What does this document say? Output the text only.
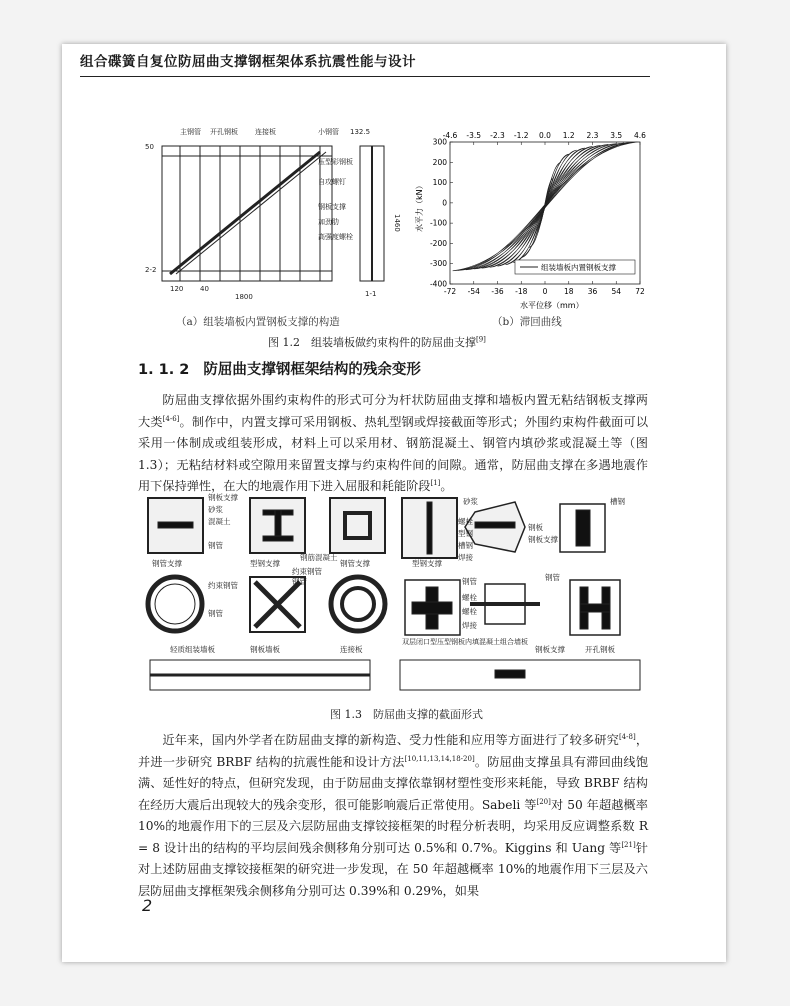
组合碟簧自复位防屈曲支撑钢框架体系抗震性能与设计
主钢管 开孔钢板 连接板	小钢管 132.5
压型彩钢板
自攻螺钉
钢板支撑
加劲肋
高强度螺栓
1460
1800
120 40
50
2-2
1-1
-4.6 -3.5 -2.3 -1.2 0.0 1.2 2.3 3.5 4.6
-72 -54 -36 -18 0 18 36 54 72
300
200
100
0
-100
-200
-300
-400
组装墙板内置钢板支撑
水平力（kN）
水平位移（mm）
（a）组装墙板内置钢板支撑的构造	（b）滞回曲线
图 1.2　组装墙板做约束构件的防屈曲支撑[9]
1. 1. 2 防屈曲支撑钢框架结构的残余变形
防屈曲支撑依据外围约束构件的形式可分为杆状防屈曲支撑和墙板内置无粘结钢板支撑两大类[4-6]。制作中，内置支撑可采用钢板、热轧型钢或焊接截面等形式；外围约束构件截面可以采用一体制成或组装形成，材料上可以采用材、钢筋混凝土、钢管内填砂浆或混凝土等（图 1.3）；无粘结材料或空隙用来留置支撑与约束构件间的间隙。通常，防屈曲支撑在多遇地震作用下保持弹性，在大的地震作用下进入屈服和耗能阶段[1]。
钢板支撑
砂浆
混凝土
钢管
钢管支撑	型钢支撑
钢筋混凝土
钢管支撑
砂浆
螺栓
型钢
槽钢
钢板支撑
焊接
钢板
槽钢
型钢支撑
约束钢管
钢管
约束钢管
钢管	钢管
螺栓
螺栓
钢管
焊接
轻质组装墙板	钢板墙板	连接板
双层闭口型压型钢板内填混凝土组合墙板
钢板支撑	开孔钢板
图 1.3　防屈曲支撑的截面形式
近年来，国内外学者在防屈曲支撑的新构造、受力性能和应用等方面进行了较多研究[4-8]，并进一步研究 BRBF 结构的抗震性能和设计方法[10,11,13,14,18-20]。防屈曲支撑虽具有滞回曲线饱满、延性好的特点，但研究发现，由于防屈曲支撑依靠钢材塑性变形来耗能，导致 BRBF 结构在经历大震后出现较大的残余变形，很可能影响震后正常使用。Sabeli 等[20]对 50 年超越概率 10%的地震作用下的三层及六层防屈曲支撑铰接框架的时程分析表明，均采用反应调整系数 R = 8 设计出的结构的平均层间残余侧移角分别可达 0.5%和 0.7%。Kiggins 和 Uang 等[21]针对上述防屈曲支撑铰接框架的研究进一步发现，在 50 年超越概率 10%的地震作用下三层及六层防屈曲支撑框架残余侧移角分别可达 0.39%和 0.29%，如果
2
